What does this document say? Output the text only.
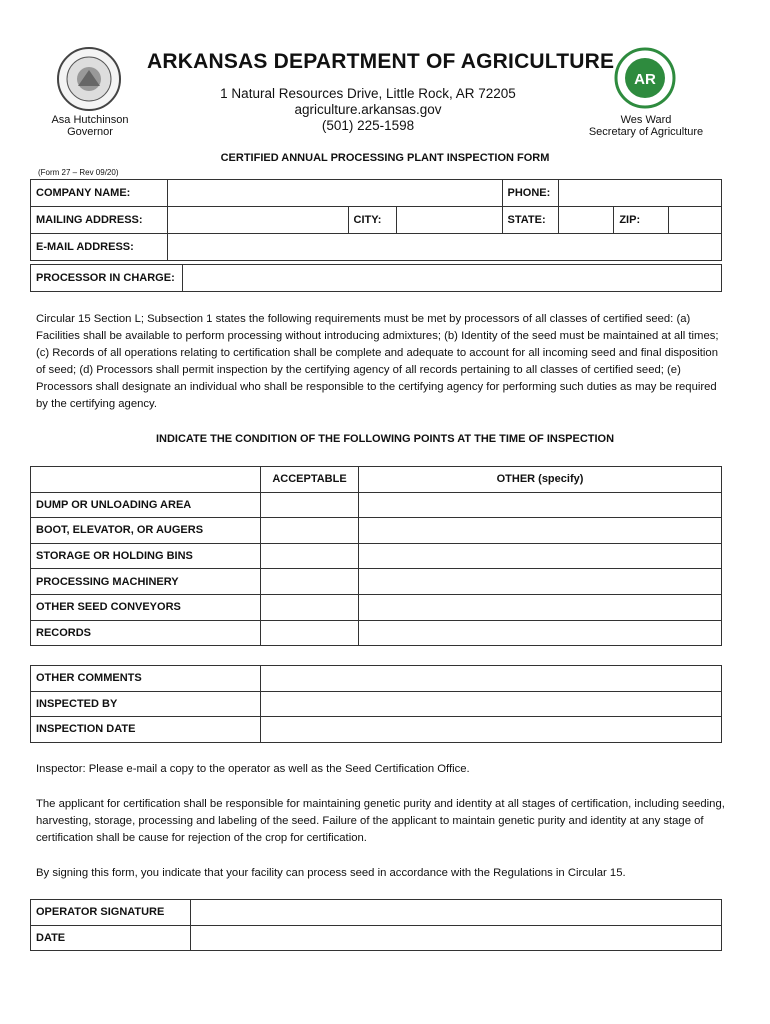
ARKANSAS DEPARTMENT OF AGRICULTURE
1 Natural Resources Drive, Little Rock, AR 72205
agriculture.arkansas.gov
(501) 225-1598
Asa Hutchinson
Governor
AR
Wes Ward
Secretary of Agriculture
CERTIFIED ANNUAL PROCESSING PLANT INSPECTION FORM
(Form 27 – Rev 09/20)
COMPANY NAME:				PHONE:			
MAILING ADDRESS:		CITY:		STATE:		ZIP:	
E-MAIL ADDRESS:							
PROCESSOR IN CHARGE:	
Circular 15 Section L; Subsection 1 states the following requirements must be met by processors of all classes of certified seed: (a) Facilities shall be available to perform processing without introducing admixtures; (b) Identity of the seed must be maintained at all times; (c) Records of all operations relating to certification shall be complete and adequate to account for all incoming seed and final disposition of seed; (d) Processors shall permit inspection by the certifying agency of all records pertaining to all classes of certified seed; (e) Processors shall designate an individual who shall be responsible to the certifying agency for performing such duties as may be required by the certifying agency.
INDICATE THE CONDITION OF THE FOLLOWING POINTS AT THE TIME OF INSPECTION
	ACCEPTABLE	OTHER (specify)
DUMP OR UNLOADING AREA		
BOOT, ELEVATOR, OR AUGERS		
STORAGE OR HOLDING BINS		
PROCESSING MACHINERY		
OTHER SEED CONVEYORS		
RECORDS		
OTHER COMMENTS	
INSPECTED BY	
INSPECTION DATE	
Inspector: Please e-mail a copy to the operator as well as the Seed Certification Office.
The applicant for certification shall be responsible for maintaining genetic purity and identity at all stages of certification, including seeding, harvesting, storage, processing and labeling of the seed. Failure of the applicant to maintain genetic purity and identity at any stage of certification shall be cause for rejection of the crop for certification.
By signing this form, you indicate that your facility can process seed in accordance with the Regulations in Circular 15.
OPERATOR SIGNATURE	
DATE	
